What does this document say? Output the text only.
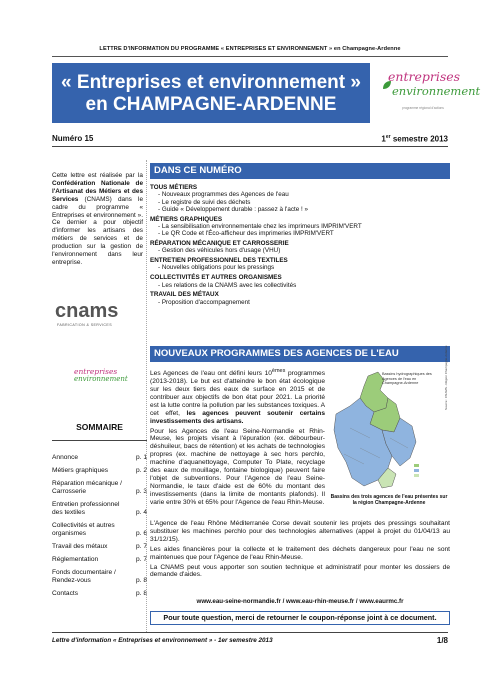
LETTRE D'INFORMATION DU PROGRAMME « ENTREPRISES ET ENVIRONNEMENT » en Champagne-Ardenne
« Entreprises et environnement »
en CHAMPAGNE-ARDENNE
entreprises
environnement
programme régional d'actions
Numéro 15	1er semestre 2013
Cette lettre est réalisée par la Confédération Nationale de l'Artisanat des Métiers et des Services (CNAMS) dans le cadre du programme « Entreprises et environnement ». Ce dernier a pour objectif d'informer les artisans des métiers de services et de production sur la gestion de l'environnement dans leur entreprise.
cnams
FABRICATION & SERVICES
entreprises
environnement
SOMMAIRE
Annonce	p. 1
Métiers graphiques	p. 2
Réparation mécanique / Carrosserie	p. 3
Entretien professionnel des textiles	p. 4
Collectivités et autres organismes	p. 6
Travail des métaux	p. 7
Réglementation	p. 7
Fonds documentaire / Rendez-vous	p. 8
Contacts	p. 8
DANS CE NUMÉRO
TOUS MÉTIERS
- Nouveaux programmes des Agences de l'eau
- Le registre de suivi des déchets
- Guide « Développement durable : passez à l'acte ! »
MÉTIERS GRAPHIQUES
- La sensibilisation environnementale chez les imprimeurs IMPRIM'VERT
- Le QR Code et l'Éco-afficheur des imprimeries IMPRIM'VERT
RÉPARATION MÉCANIQUE ET CARROSSERIE
- Gestion des véhicules hors d'usage (VHU)
ENTRETIEN PROFESSIONNEL DES TEXTILES
- Nouvelles obligations pour les pressings
COLLECTIVITÉS ET AUTRES ORGANISMES
- Les relations de la CNAMS avec les collectivités
TRAVAIL DES MÉTAUX
- Proposition d'accompagnement
NOUVEAUX PROGRAMMES DES AGENCES DE L'EAU

Les Agences de l'eau ont défini leurs 10èmes programmes (2013-2018). Le but est d'atteindre le bon état écologique sur les deux tiers des eaux de surface en 2015 et de contribuer aux objectifs de bon état pour 2021. La priorité est la lutte contre la pollution par les substances toxiques. A cet effet, les agences peuvent soutenir certains investissements des artisans.

Pour les Agences de l'eau Seine-Normandie et Rhin-Meuse, les projets visant à l'épuration (ex. débourbeur-déshuileur, bacs de rétention) et les achats de technologies propres (ex. machine de nettoyage à sec hors perchlo, machine d'aquanettoyage, Computer To Plate, recyclage des eaux de mouillage, fontaine biologique) peuvent faire l'objet de subventions. Pour l'Agence de l'eau Seine-Normandie, le taux d'aide est de 60% du montant des investissements (dans la limite de montants plafonds). Il varie entre 30% et 65% pour l'Agence de l'eau Rhin-Meuse.

Bassins hydrographiques des Agences de l'eau en Champagne-Ardenne	Source : CNAMS - Région Champagne-Ardenne
Bassins des trois agences de l'eau présentes sur la région Champagne-Ardenne

L'Agence de l'eau Rhône Méditerranée Corse devait soutenir les projets des pressings souhaitant substituer les machines perchlo pour des technologies alternatives (appel à projet du 01/04/13 au 31/12/15).

Les aides financières pour la collecte et le traitement des déchets dangereux pour l'eau ne sont maintenues que pour l'Agence de l'eau Rhin-Meuse.

La CNAMS peut vous apporter son soutien technique et administratif pour monter les dossiers de demande d'aides.

www.eau-seine-normandie.fr / www.eau-rhin-meuse.fr / www.eaurmc.fr
Pour toute question, merci de retourner le coupon-réponse joint à ce document.
Lettre d'information « Entreprises et environnement » - 1er semestre 2013	1/8
